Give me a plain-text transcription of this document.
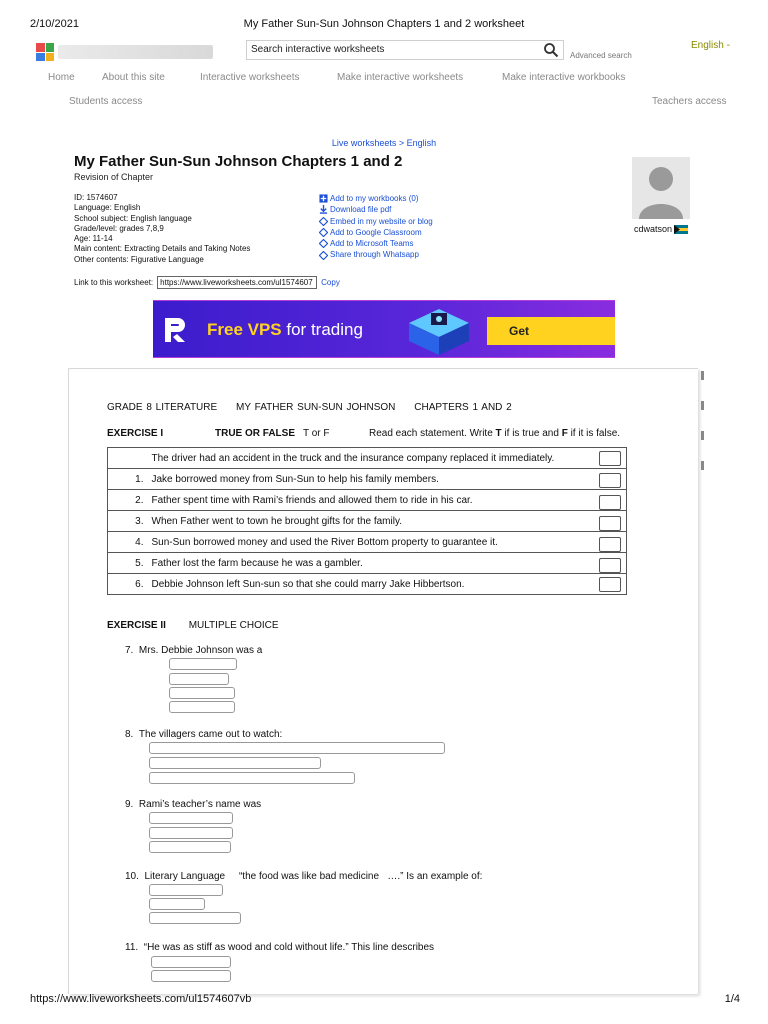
2/10/2021	My Father Sun-Sun Johnson Chapters 1 and 2 worksheet
Search interactive worksheets
Advanced search
English -
Home	About this site	Interactive worksheets	Make interactive worksheets	Make interactive workbooks
Students access	Teachers access
Live worksheets > English
My Father Sun-Sun Johnson Chapters 1 and 2
Revision of Chapter
ID: 1574607
Language: English
School subject: English language
Grade/level: grades 7,8,9
Age: 11-14
Main content: Extracting Details and Taking Notes
Other contents: Figurative Language
Add to my workbooks (0)
Download file pdf
Embed in my website or blog
Add to Google Classroom
Add to Microsoft Teams
Share through Whatsapp
cdwatson
Link to this worksheet: https://www.liveworksheets.com/ul1574607	Copy
Free VPS for trading	Get
GRADE 8 LITERATURE     MY FATHER SUN-SUN JOHNSON     CHAPTERS 1 AND 2
EXERCISE I	TRUE OR FALSE T or F	Read each statement. Write T if is true and F if it is false.
	The driver had an accident in the truck and the insurance company replaced it immediately.
1.	Jake borrowed money from Sun-Sun to help his family members.
2.	Father spent time with Rami’s friends and allowed them to ride in his car.
3.	When Father went to town he brought gifts for the family.
4.	Sun-Sun borrowed money and used the River Bottom property to guarantee it.
5.	Father lost the farm because he was a gambler.
6.	Debbie Johnson left Sun-sun so that she could marry Jake Hibbertson.
EXERCISE II MULTIPLE CHOICE
7. Mrs. Debbie Johnson was a
8. The villagers came out to watch:
9. Rami’s teacher’s name was
10. Literary Language     “the food was like bad medicine   ….” Is an example of:
11. “He was as stiff as wood and cold without life.” This line describes
https://www.liveworksheets.com/ul1574607vb	1/4
